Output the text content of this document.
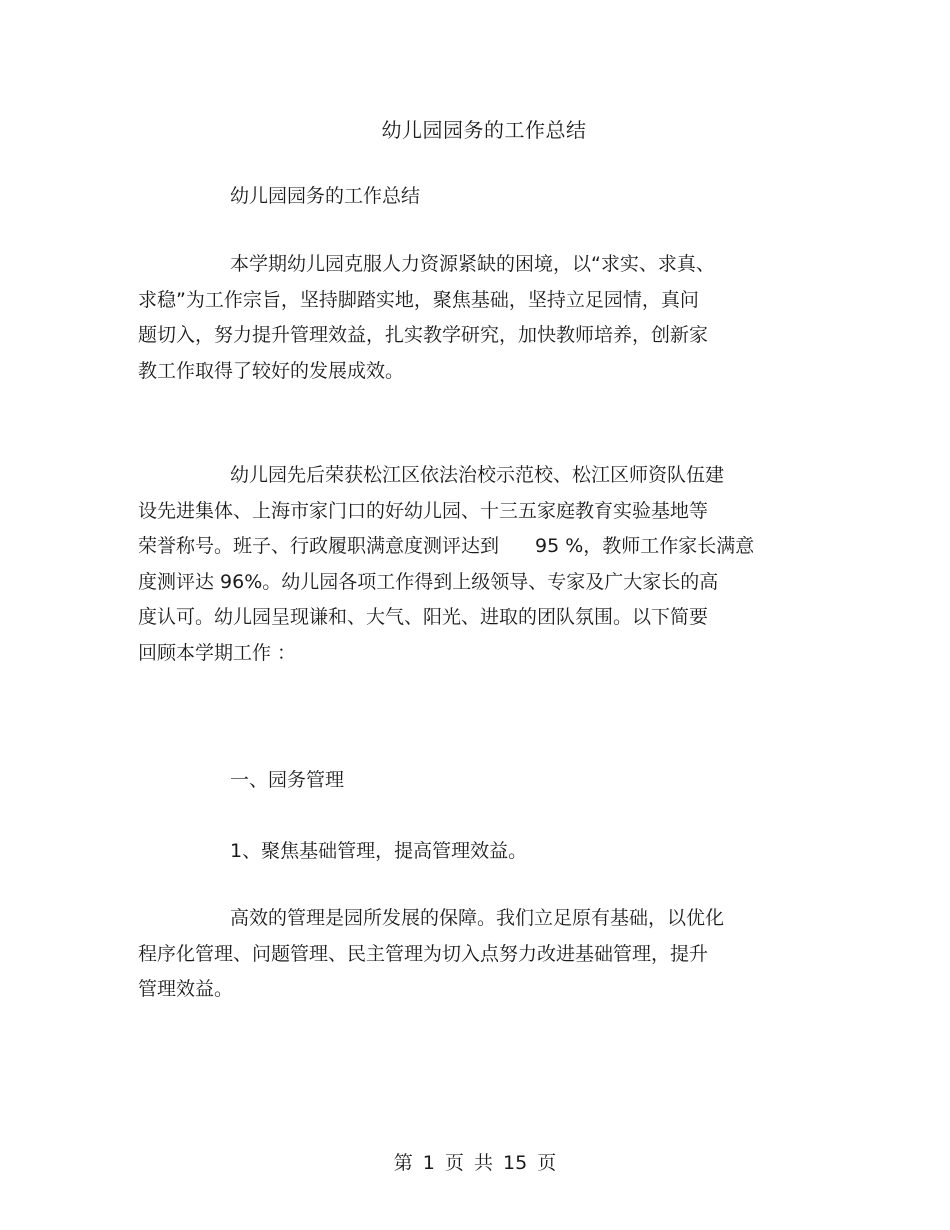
幼儿园园务的工作总结
幼儿园园务的工作总结
本学期幼儿园克服人力资源紧缺的困境，以“求实、求真、
求稳”为工作宗旨，坚持脚踏实地，聚焦基础，坚持立足园情，真问
题切入，努力提升管理效益，扎实教学研究，加快教师培养，创新家
教工作取得了较好的发展成效。
幼儿园先后荣获松江区依法治校示范校、松江区师资队伍建
设先进集体、上海市家门口的好幼儿园、十三五家庭教育实验基地等
荣誉称号。班子、行政履职满意度测评达到 95 %，教师工作家长满意
度测评达 96%。幼儿园各项工作得到上级领导、专家及广大家长的高
度认可。幼儿园呈现谦和、大气、阳光、进取的团队氛围。以下简要
回顾本学期工作 ：
一、园务管理
1、聚焦基础管理，提高管理效益。
高效的管理是园所发展的保障。我们立足原有基础，以优化
程序化管理、问题管理、民主管理为切入点努力改进基础管理，提升
管理效益。
第 1 页 共 15 页
